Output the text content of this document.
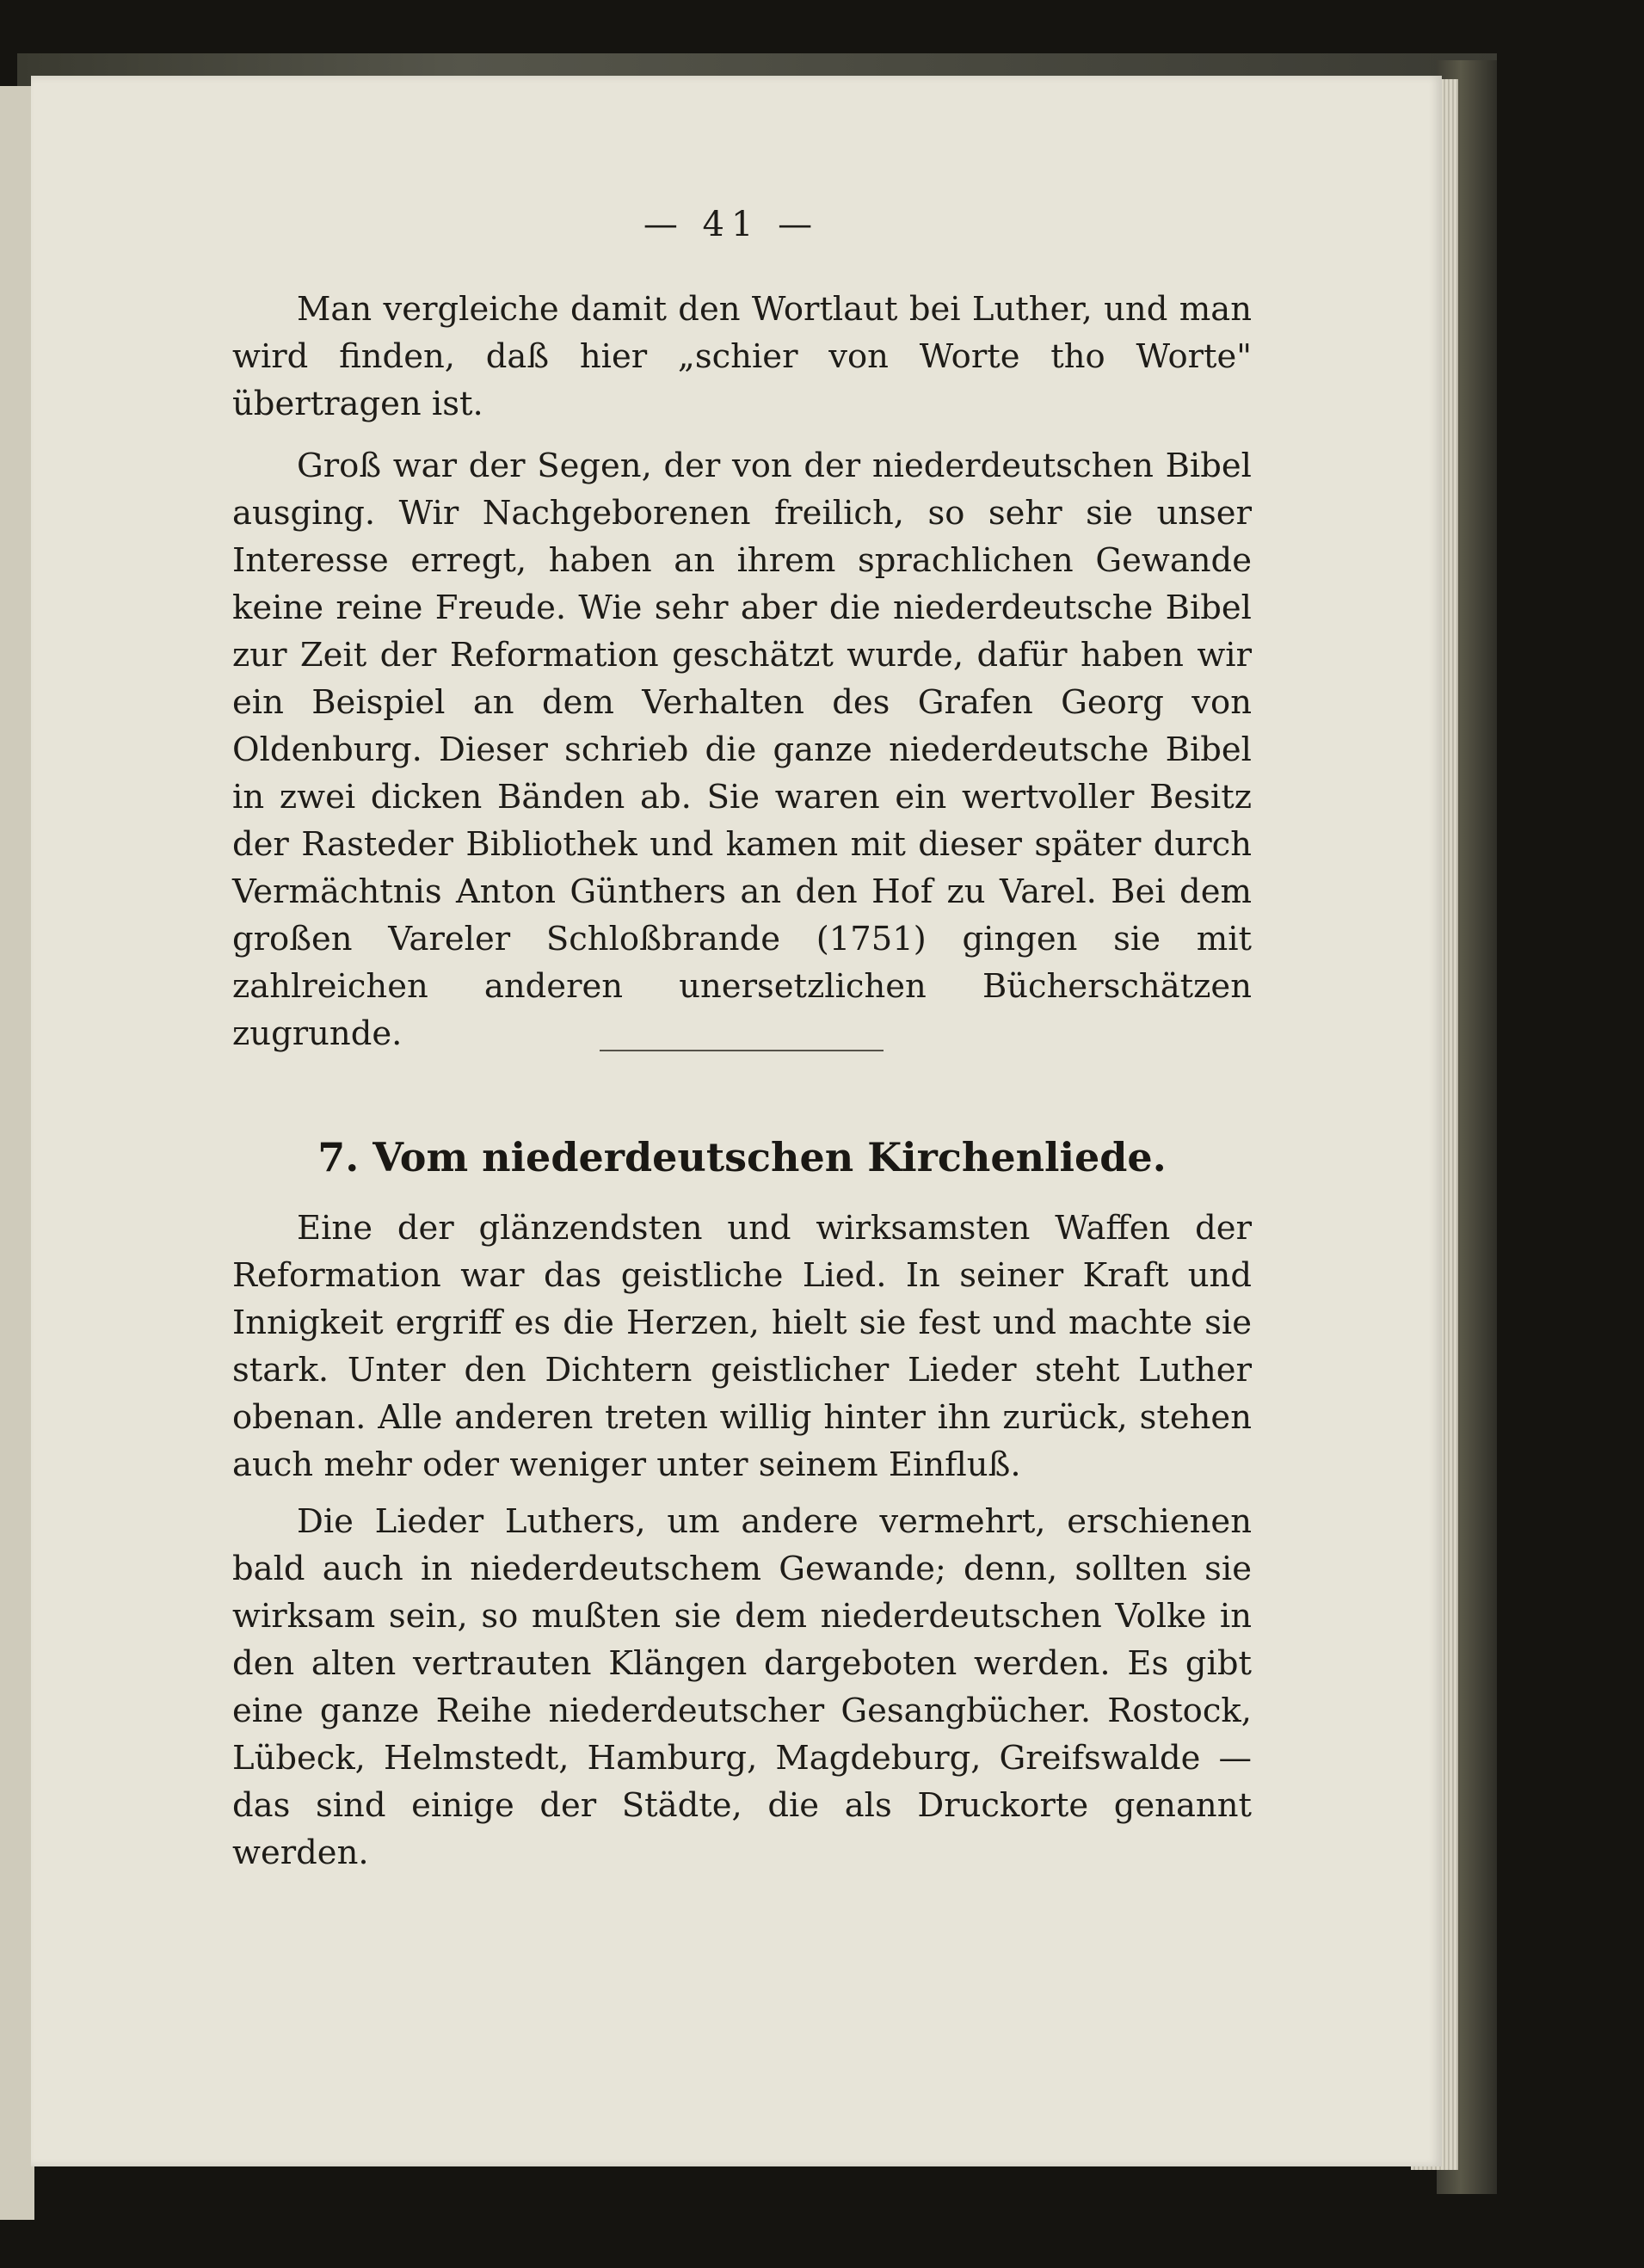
— 41 —

Man vergleiche damit den Wortlaut bei Luther, und man wird finden, daß hier „schier von Worte tho Worte" übertragen ist.

Groß war der Segen, der von der niederdeutschen Bibel ausging. Wir Nachgeborenen freilich, so sehr sie unser Interesse erregt, haben an ihrem sprachlichen Gewande keine reine Freude. Wie sehr aber die niederdeutsche Bibel zur Zeit der Reformation geschätzt wurde, dafür haben wir ein Beispiel an dem Verhalten des Grafen Georg von Oldenburg. Dieser schrieb die ganze niederdeutsche Bibel in zwei dicken Bänden ab. Sie waren ein wertvoller Besitz der Rasteder Bibliothek und kamen mit dieser später durch Vermächtnis Anton Günthers an den Hof zu Varel. Bei dem großen Vareler Schloßbrande (1751) gingen sie mit zahlreichen anderen unersetzlichen Bücherschätzen zugrunde.

7. Vom niederdeutschen Kirchenliede.

Eine der glänzendsten und wirksamsten Waffen der Reformation war das geistliche Lied. In seiner Kraft und Innigkeit ergriff es die Herzen, hielt sie fest und machte sie stark. Unter den Dichtern geistlicher Lieder steht Luther obenan. Alle anderen treten willig hinter ihn zurück, stehen auch mehr oder weniger unter seinem Einfluß.

Die Lieder Luthers, um andere vermehrt, erschienen bald auch in niederdeutschem Gewande; denn, sollten sie wirksam sein, so mußten sie dem niederdeutschen Volke in den alten vertrauten Klängen dargeboten werden. Es gibt eine ganze Reihe niederdeutscher Gesangbücher. Rostock, Lübeck, Helmstedt, Hamburg, Magdeburg, Greifswalde — das sind einige der Städte, die als Druckorte genannt werden.
